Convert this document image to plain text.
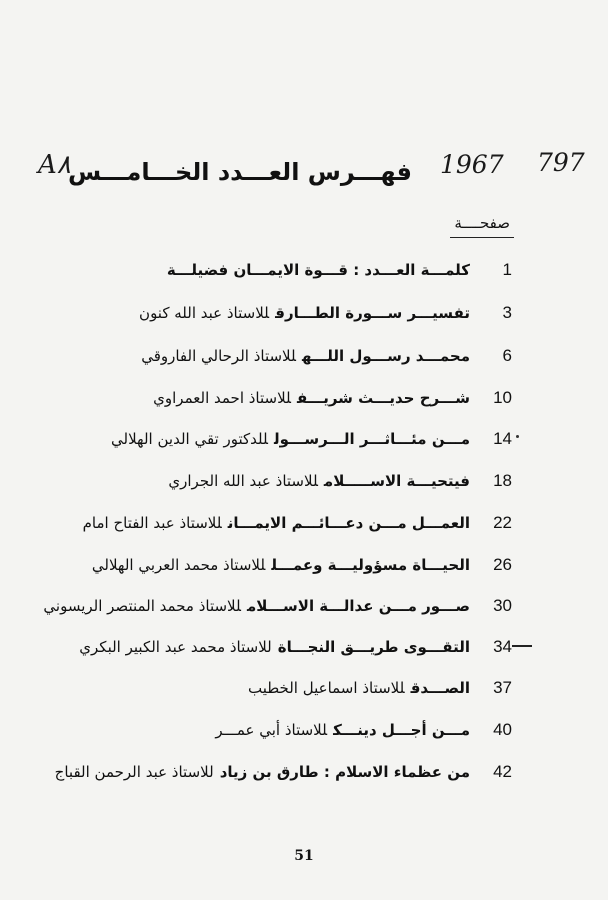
A٨	1967 797
فهـــرس العـــدد الخـــامـــس
صفحــــة
1
كلمـــة العـــدد : قـــوة الايمـــان فضيلـــة
3
تفسيـــر ســـورة الطـــارقللاستاذ عبد الله كنون
6
محمـــد رســـول اللـــهللاستاذ الرحالي الفاروقي
10
شـــرح حديـــث شريـــفللاستاذ احمد العمراوي
14
مـــن مئـــاثـــر الـــرســـولللدكتور تقي الدين الهلالي
18
فيتحيـــة الاســـــلامللاستاذ عبد الله الجراري
22
العمـــل مـــن دعـــائـــم الايمـــانللاستاذ عبد الفتاح امام
26
الحيـــاة مسؤوليـــة وعمـــلللاستاذ محمد العربي الهلالي
30
صـــور مـــن عدالـــة الاســـلامللاستاذ محمد المنتصر الريسوني
34
التقـــوى طريـــق النجـــاةللاستاذ محمد عبد الكبير البكري
37
الصـــدقللاستاذ اسماعيل الخطيب
40
مـــن أجـــل دينـــكللاستاذ أبي عمـــر
42
من عظماء الاسلام : طارق بن زيادللاستاذ عبد الرحمن القباج
51
